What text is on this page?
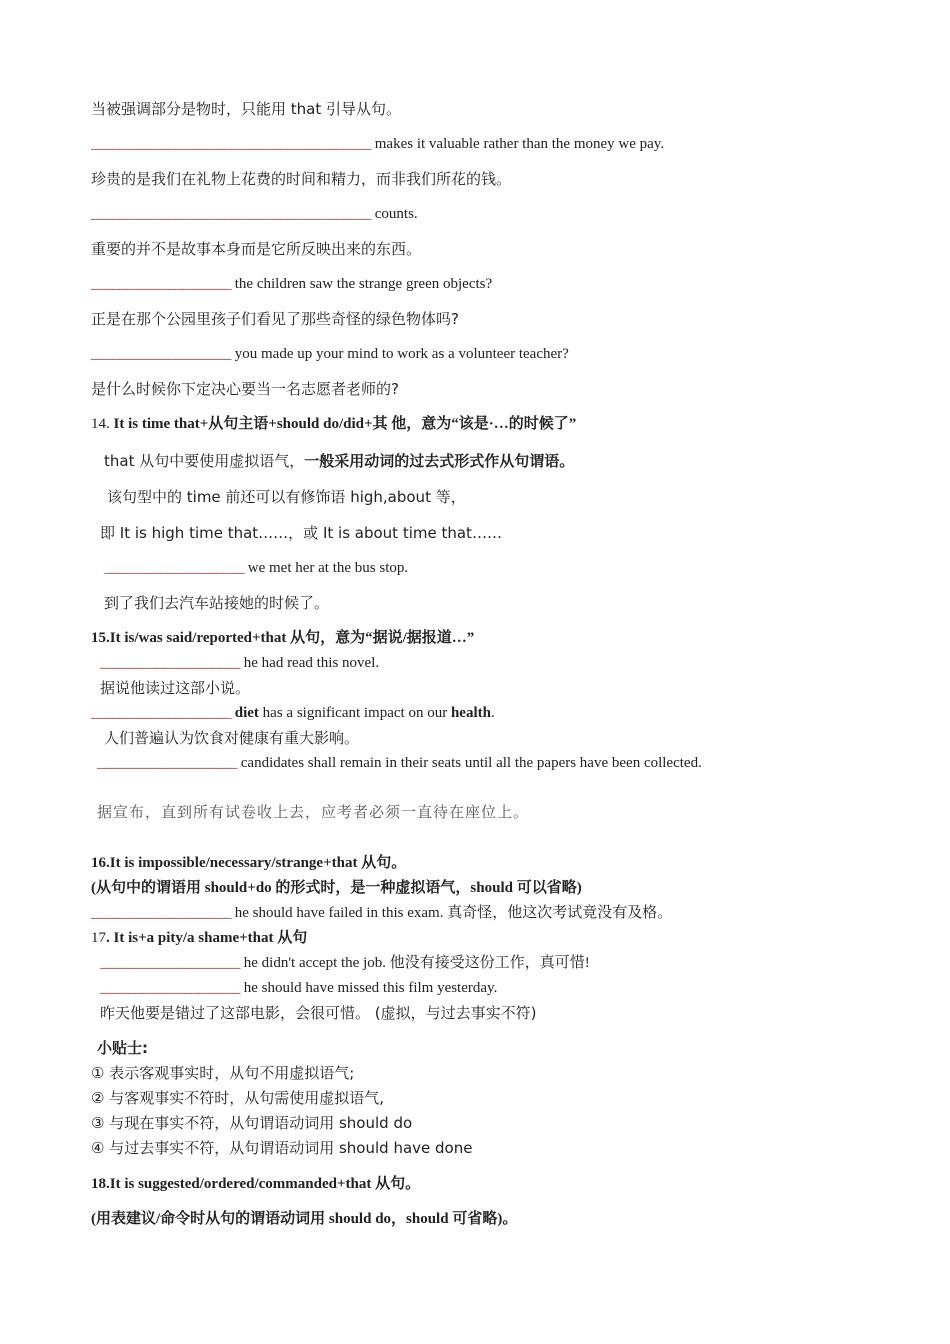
当被强调部分是物时，只能用 that 引导从句。
________________________________________ makes it valuable rather than the money we pay.
珍贵的是我们在礼物上花费的时间和精力，而非我们所花的钱。
________________________________________ counts.
重要的并不是故事本身而是它所反映出来的东西。
____________________ the children saw the strange green objects?
正是在那个公园里孩子们看见了那些奇怪的绿色物体吗?
____________________ you made up your mind to work as a volunteer teacher?
是什么时候你下定决心要当一名志愿者老师的?
14. It is time that+从句主语+should do/did+其 他，意为“该是·…的时候了”
that 从句中要使用虚拟语气，一般采用动词的过去式形式作从句谓语。
该句型中的 time 前还可以有修饰语 high,about 等，
即 It is high time that……，或 It is about time that……
____________________ we met her at the bus stop.
到了我们去汽车站接她的时候了。
15.It is/was said/reported+that 从句，意为“据说/据报道…”
____________________ he had read this novel.
据说他读过这部小说。
____________________ diet has a significant impact on our health.
人们普遍认为饮食对健康有重大影响。
____________________ candidates shall remain in their seats until all the papers have been collected.
据宣布，直到所有试卷收上去，应考者必须一直待在座位上。
16.It is impossible/necessary/strange+that 从句。
(从句中的谓语用 should+do 的形式时，是一种虚拟语气，should 可以省略)
____________________ he should have failed in this exam. 真奇怪，他这次考试竟没有及格。
17. It is+a pity/a shame+that 从句
____________________ he didn't accept the job. 他没有接受这份工作，真可惜!
____________________ he should have missed this film yesterday.
昨天他要是错过了这部电影，会很可惜。 (虚拟，与过去事实不符)
小贴士:
① 表示客观事实时，从句不用虚拟语气;
② 与客观事实不符时，从句需使用虚拟语气,
③ 与现在事实不符，从句谓语动词用 should do
④ 与过去事实不符，从句谓语动词用 should have done
18.It is suggested/ordered/commanded+that 从句。
(用表建议/命令时从句的谓语动词用 should do，should 可省略)。
